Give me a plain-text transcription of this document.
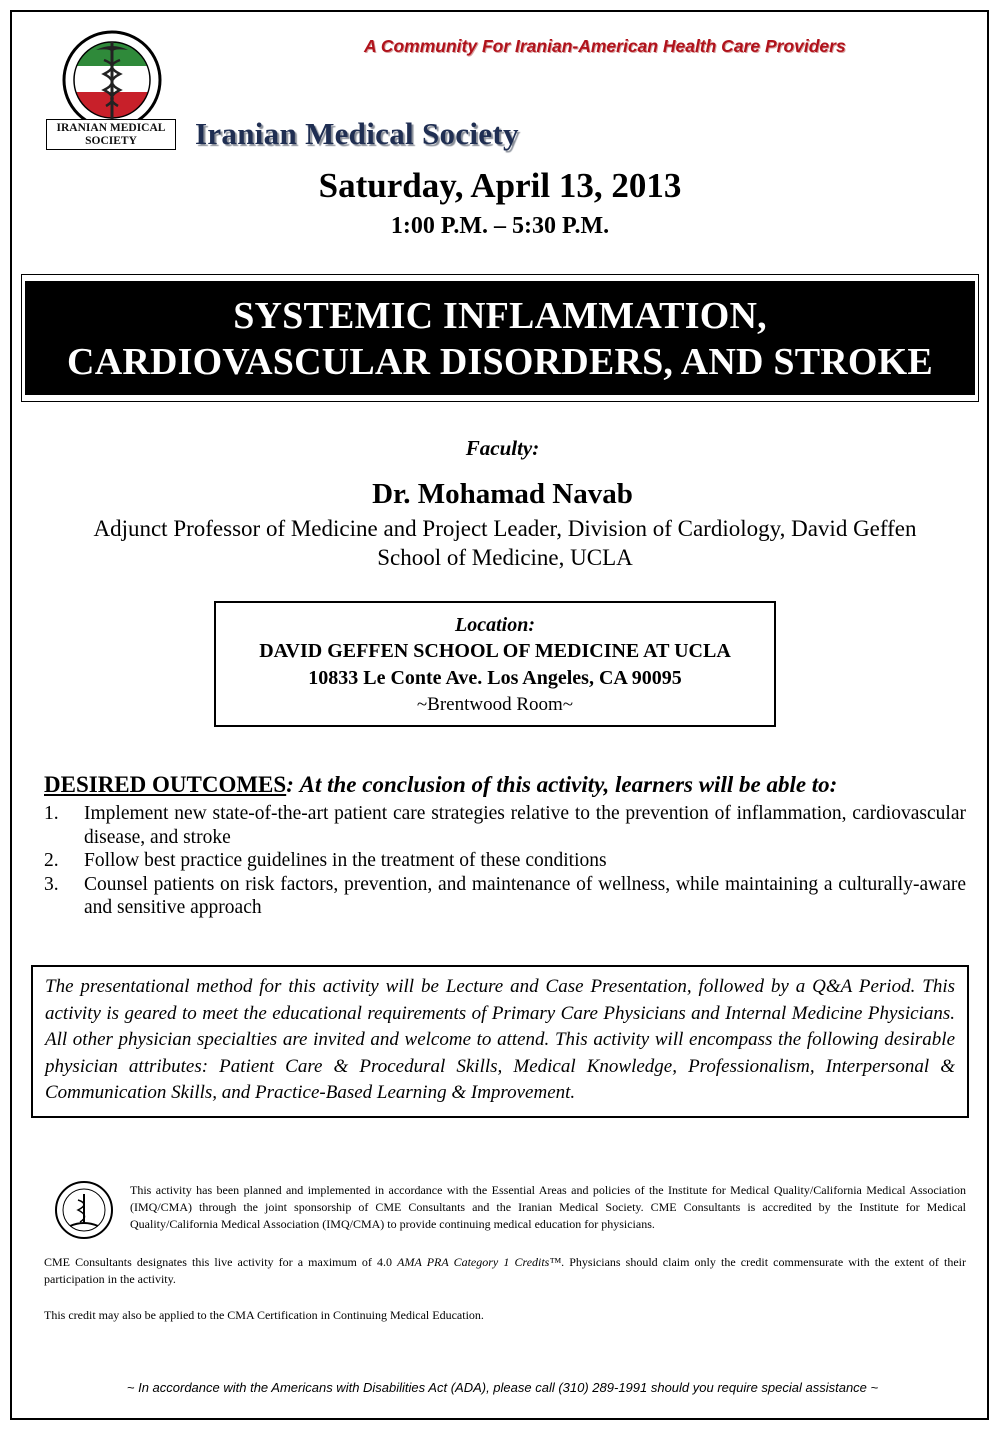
IRANIAN MEDICAL
SOCIETY
A Community For Iranian-American Health Care Providers
Iranian Medical Society
Saturday, April 13, 2013
1:00 P.M. – 5:30 P.M.
SYSTEMIC INFLAMMATION,
CARDIOVASCULAR DISORDERS, AND STROKE
Faculty:
Dr. Mohamad Navab
Adjunct Professor of Medicine and Project Leader, Division of Cardiology, David Geffen
School of Medicine, UCLA
Location:
DAVID GEFFEN SCHOOL OF MEDICINE AT UCLA
10833 Le Conte Ave. Los Angeles, CA 90095
~Brentwood Room~
DESIRED OUTCOMES: At the conclusion of this activity, learners will be able to:
1. Implement new state-of-the-art patient care strategies relative to the prevention of inflammation, cardiovascular disease, and stroke
2. Follow best practice guidelines in the treatment of these conditions
3. Counsel patients on risk factors, prevention, and maintenance of wellness, while maintaining a culturally-aware and sensitive approach
The presentational method for this activity will be Lecture and Case Presentation, followed by a Q&A Period. This activity is geared to meet the educational requirements of Primary Care Physicians and Internal Medicine Physicians. All other physician specialties are invited and welcome to attend. This activity will encompass the following desirable physician attributes: Patient Care & Procedural Skills, Medical Knowledge, Professionalism, Interpersonal & Communication Skills, and Practice-Based Learning & Improvement.
This activity has been planned and implemented in accordance with the Essential Areas and policies of the Institute for Medical Quality/California Medical Association (IMQ/CMA) through the joint sponsorship of CME Consultants and the Iranian Medical Society. CME Consultants is accredited by the Institute for Medical Quality/California Medical Association (IMQ/CMA) to provide continuing medical education for physicians.
CME Consultants designates this live activity for a maximum of 4.0 AMA PRA Category 1 Credits™. Physicians should claim only the credit commensurate with the extent of their participation in the activity.
This credit may also be applied to the CMA Certification in Continuing Medical Education.
~ In accordance with the Americans with Disabilities Act (ADA), please call (310) 289-1991 should you require special assistance ~
